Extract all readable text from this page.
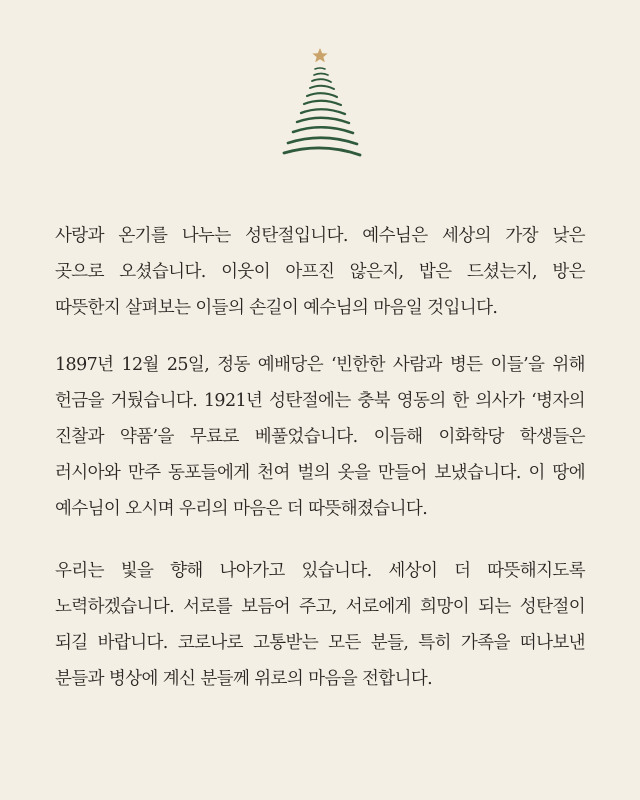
사랑과 온기를 나누는 성탄절입니다. 예수님은 세상의 가장 낮은
곳으로 오셨습니다. 이웃이 아프진 않은지, 밥은 드셨는지, 방은
따뜻한지 살펴보는 이들의 손길이 예수님의 마음일 것입니다.
1897년 12월 25일, 정동 예배당은 ‘빈한한 사람과 병든 이들’을 위해
헌금을 거뒀습니다. 1921년 성탄절에는 충북 영동의 한 의사가 ‘병자의
진찰과 약품’을 무료로 베풀었습니다. 이듬해 이화학당 학생들은
러시아와 만주 동포들에게 천여 벌의 옷을 만들어 보냈습니다. 이 땅에
예수님이 오시며 우리의 마음은 더 따뜻해졌습니다.
우리는 빛을 향해 나아가고 있습니다. 세상이 더 따뜻해지도록
노력하겠습니다. 서로를 보듬어 주고, 서로에게 희망이 되는 성탄절이
되길 바랍니다. 코로나로 고통받는 모든 분들, 특히 가족을 떠나보낸
분들과 병상에 계신 분들께 위로의 마음을 전합니다.
